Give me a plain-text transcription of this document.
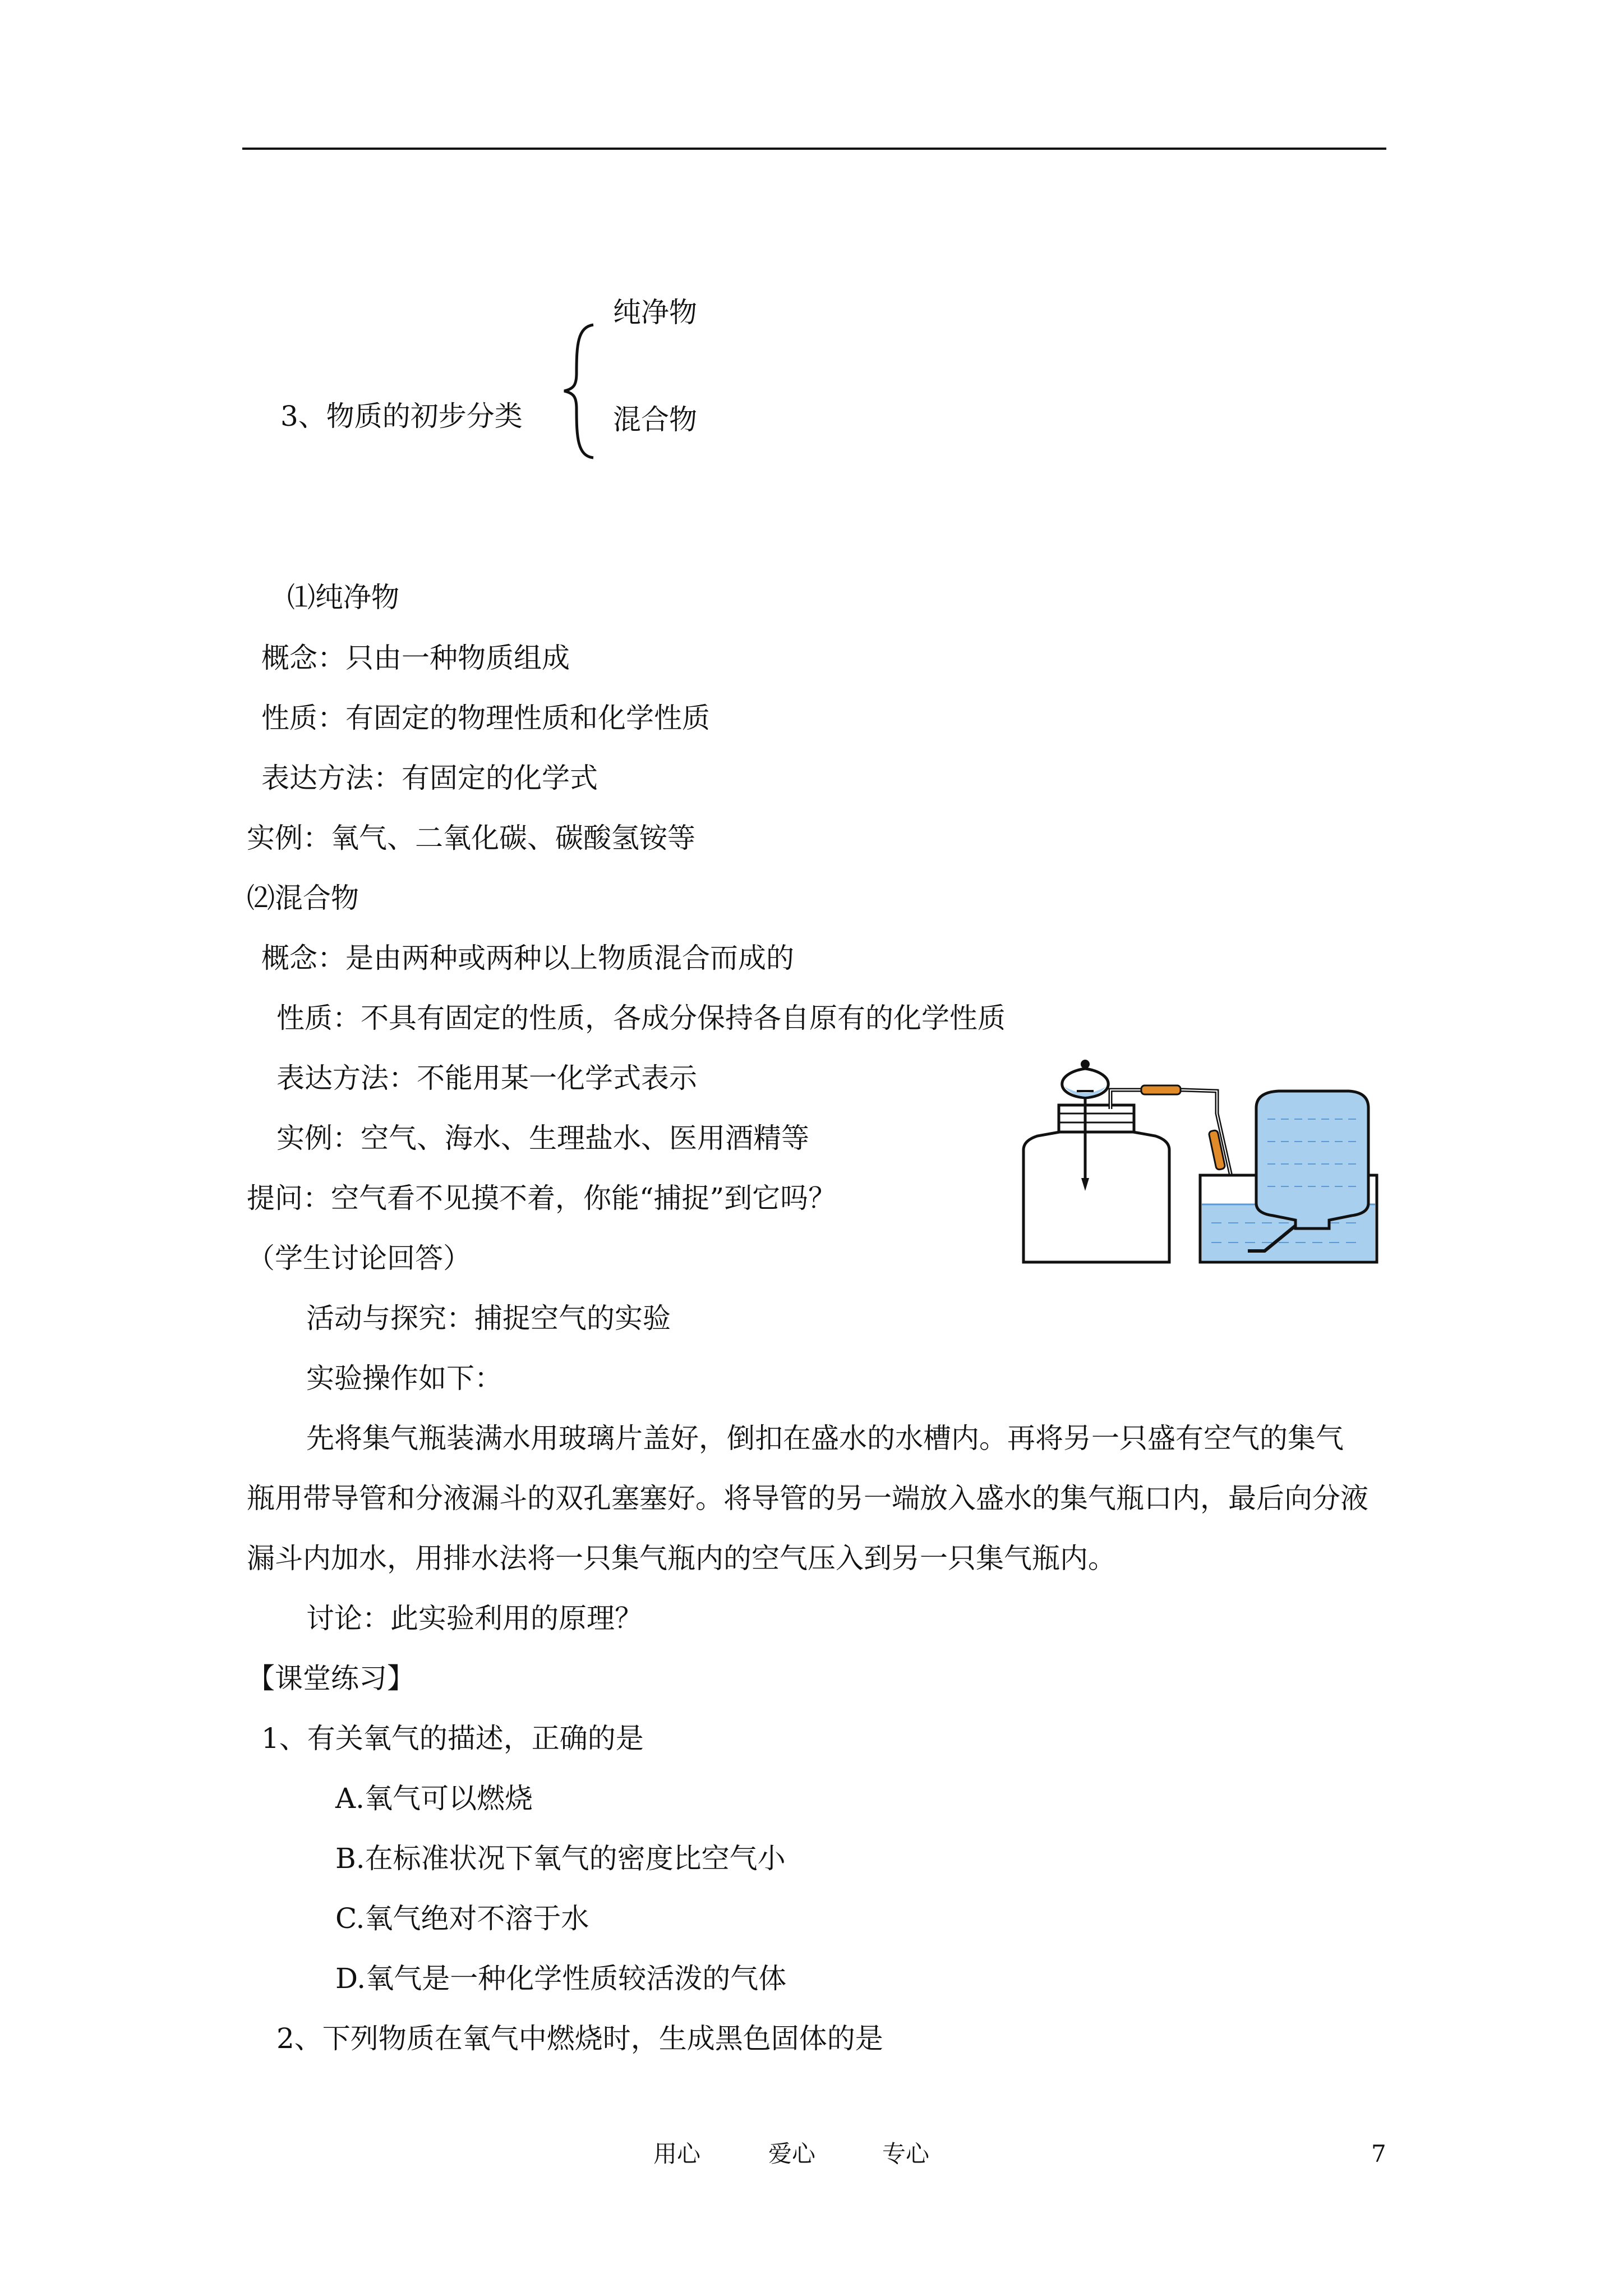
纯净物
3、物质的初步分类	混合物
⑴纯净物
概念：只由一种物质组成
性质：有固定的物理性质和化学性质
表达方法：有固定的化学式
实例：氧气、二氧化碳、碳酸氢铵等
⑵混合物
概念：是由两种或两种以上物质混合而成的
性质：不具有固定的性质，各成分保持各自原有的化学性质
表达方法：不能用某一化学式表示
实例：空气、海水、生理盐水、医用酒精等
提问：空气看不见摸不着，你能“捕捉”到它吗？
（学生讨论回答）
活动与探究：捕捉空气的实验
实验操作如下：
先将集气瓶装满水用玻璃片盖好，倒扣在盛水的水槽内。再将另一只盛有空气的集气
瓶用带导管和分液漏斗的双孔塞塞好。将导管的另一端放入盛水的集气瓶口内，最后向分液
漏斗内加水，用排水法将一只集气瓶内的空气压入到另一只集气瓶内。
讨论：此实验利用的原理？
【课堂练习】
1、有关氧气的描述，正确的是
A.氧气可以燃烧
B.在标准状况下氧气的密度比空气小
C.氧气绝对不溶于水
D.氧气是一种化学性质较活泼的气体
2、下列物质在氧气中燃烧时，生成黑色固体的是
用心	爱心	专心	7
